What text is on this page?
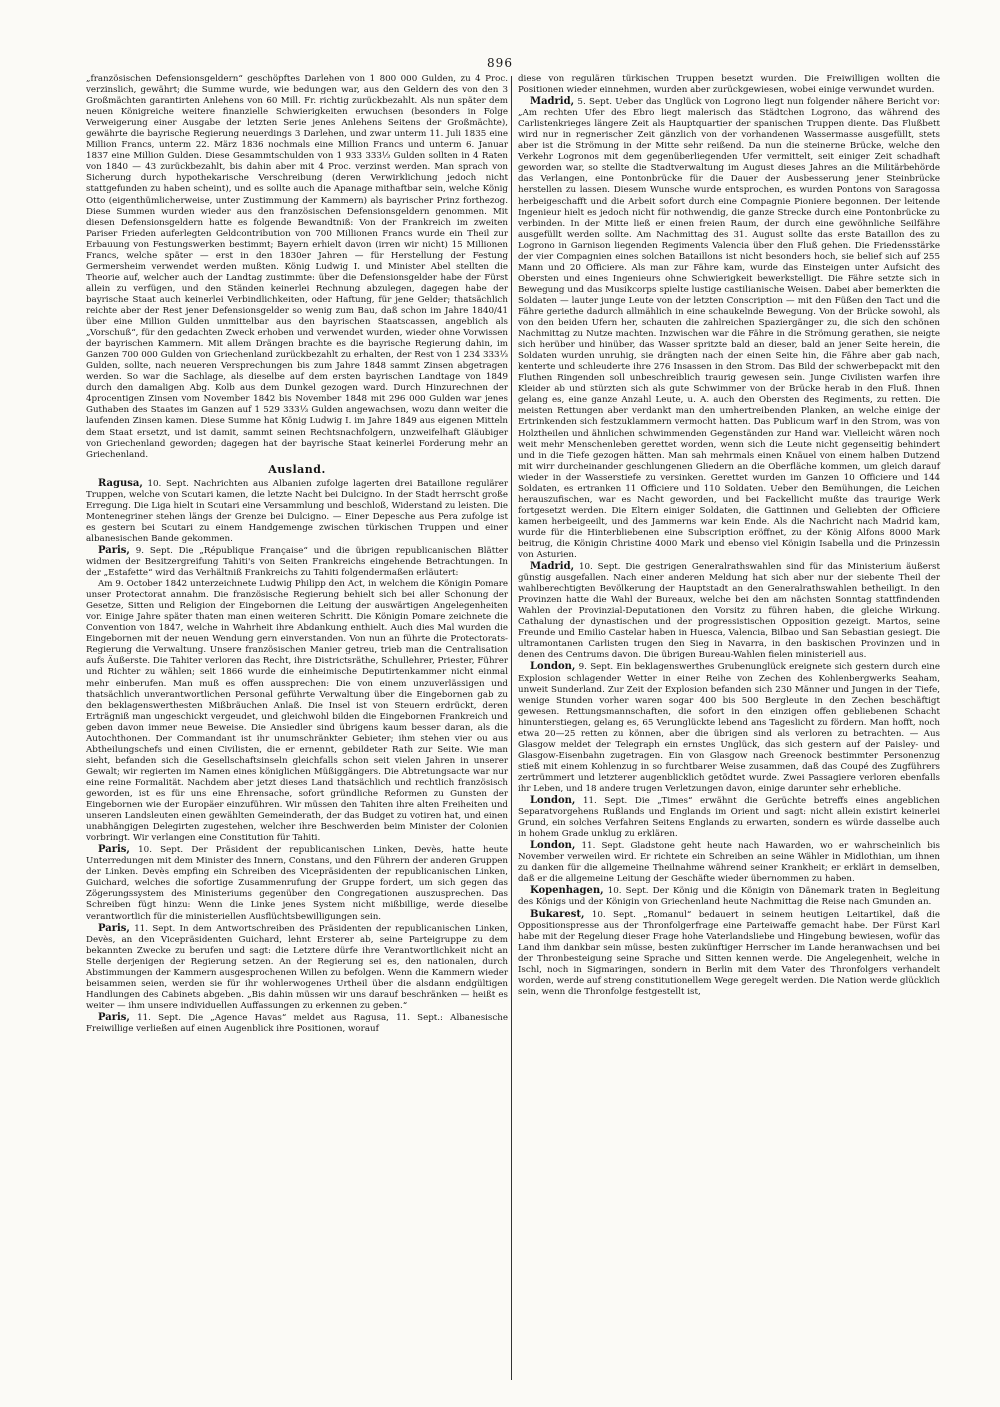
896

„französischen Defensionsgeldern“ geschöpftes Darlehen von 1 800 000 Gulden, zu 4 Proc. verzinslich, gewährt; die Summe wurde, wie bedungen war, aus den Geldern des von den 3 Großmächten garantirten Anlehens von 60 Mill. Fr. richtig zurückbezahlt. Als nun später dem neuen Königreiche weitere finanzielle Schwierigkeiten erwuchsen (besonders in Folge Verweigerung einer Ausgabe der letzten Serie jenes Anlehens Seitens der Großmächte), gewährte die bayrische Regierung neuerdings 3 Darlehen, und zwar unterm 11. Juli 1835 eine Million Francs, unterm 22. März 1836 nochmals eine Million Francs und unterm 6. Januar 1837 eine Million Gulden. Diese Gesammtschulden von 1 933 333⅓ Gulden sollten in 4 Raten von 1840 — 43 zurückbezahlt, bis dahin aber mit 4 Proc. verzinst werden. Man sprach von Sicherung durch hypothekarische Verschreibung (deren Verwirklichung jedoch nicht stattgefunden zu haben scheint), und es sollte auch die Apanage mithaftbar sein, welche König Otto (eigenthümlicherweise, unter Zustimmung der Kammern) als bayrischer Prinz forthezog. Diese Summen wurden wieder aus den französischen Defensionsgeldern genommen. Mit diesen Defensionsgeldern hatte es folgende Bewandtniß: Von der Frankreich im zweiten Pariser Frieden auferlegten Geldcontribution von 700 Millionen Francs wurde ein Theil zur Erbauung von Festungswerken bestimmt; Bayern erhielt davon (irren wir nicht) 15 Millionen Francs, welche später — erst in den 1830er Jahren — für Herstellung der Festung Germersheim verwendet werden mußten. König Ludwig I. und Minister Abel stellten die Theorie auf, welcher auch der Landtag zustimmte: über die Defensionsgelder habe der Fürst allein zu verfügen, und den Ständen keinerlei Rechnung abzulegen, dagegen habe der bayrische Staat auch keinerlei Verbindlichkeiten, oder Haftung, für jene Gelder; thatsächlich reichte aber der Rest jener Defensionsgelder so wenig zum Bau, daß schon im Jahre 1840/41 über eine Million Gulden unmittelbar aus den bayrischen Staatscassen, angeblich als „Vorschuß“, für den gedachten Zweck erhoben und verwendet wurden, wieder ohne Vorwissen der bayrischen Kammern. Mit allem Drängen brachte es die bayrische Regierung dahin, im Ganzen 700 000 Gulden von Griechenland zurückbezahlt zu erhalten, der Rest von 1 234 333⅓ Gulden, sollte, nach neueren Versprechungen bis zum Jahre 1848 sammt Zinsen abgetragen werden. So war die Sachlage, als dieselbe auf dem ersten bayrischen Landtage von 1849 durch den damaligen Abg. Kolb aus dem Dunkel gezogen ward. Durch Hinzurechnen der 4procentigen Zinsen vom November 1842 bis November 1848 mit 296 000 Gulden war jenes Guthaben des Staates im Ganzen auf 1 529 333⅓ Gulden angewachsen, wozu dann weiter die laufenden Zinsen kamen. Diese Summe hat König Ludwig I. im Jahre 1849 aus eigenen Mitteln dem Staat ersetzt, und ist damit, sammt seinen Rechtsnachfolgern, unzweifelhaft Gläubiger von Griechenland geworden; dagegen hat der bayrische Staat keinerlei Forderung mehr an Griechenland.

Ausland.

Ragusa, 10. Sept. Nachrichten aus Albanien zufolge lagerten drei Bataillone regulärer Truppen, welche von Scutari kamen, die letzte Nacht bei Dulcigno. In der Stadt herrscht große Erregung. Die Liga hielt in Scutari eine Versammlung und beschloß, Widerstand zu leisten. Die Montenegriner stehen längs der Grenze bei Dulcigno. — Einer Depesche aus Pera zufolge ist es gestern bei Scutari zu einem Handgemenge zwischen türkischen Truppen und einer albanesischen Bande gekommen.

Paris, 9. Sept. Die „République Française“ und die übrigen republicanischen Blätter widmen der Besitzergreifung Tahiti's von Seiten Frankreichs eingehende Betrachtungen. In der „Estafette“ wird das Verhältniß Frankreichs zu Tahiti folgendermaßen erläutert:

Am 9. October 1842 unterzeichnete Ludwig Philipp den Act, in welchem die Königin Pomare unser Protectorat annahm. Die französische Regierung behielt sich bei aller Schonung der Gesetze, Sitten und Religion der Eingebornen die Leitung der auswärtigen Angelegenheiten vor. Einige Jahre später thaten man einen weiteren Schritt. Die Königin Pomare zeichnete die Convention von 1847, welche in Wahrheit ihre Abdankung enthielt. Auch dies Mal wurden die Eingebornen mit der neuen Wendung gern einverstanden. Von nun an führte die Protectorats-Regierung die Verwaltung. Unsere französischen Manier getreu, trieb man die Centralisation aufs Äußerste. Die Tahiter verloren das Recht, ihre Districtsräthe, Schullehrer, Priester, Führer und Richter zu wählen; seit 1866 wurde die einheimische Deputirtenkammer nicht einmal mehr einberufen. Man muß es offen aussprechen: Die von einem unzuverlässigen und thatsächlich unverantwortlichen Personal geführte Verwaltung über die Eingebornen gab zu den beklagenswerthesten Mißbräuchen Anlaß. Die Insel ist von Steuern erdrückt, deren Erträgniß man ungeschickt vergeudet, und gleichwohl bilden die Eingebornen Frankreich und geben davon immer neue Beweise. Die Ansiedler sind übrigens kaum besser daran, als die Autochthonen. Der Commandant ist ihr unumschränkter Gebieter; ihm stehen vier ou aus Abtheilungschefs und einen Civilisten, die er ernennt, gebildeter Rath zur Seite. Wie man sieht, befanden sich die Gesellschaftsinseln gleichfalls schon seit vielen Jahren in unserer Gewalt; wir regierten im Namen eines königlichen Müßiggängers. Die Abtretungsacte war nur eine reine Formalität. Nachdem aber jetzt dieses Land thatsächlich und rechtlich französisch geworden, ist es für uns eine Ehrensache, sofort gründliche Reformen zu Gunsten der Eingebornen wie der Europäer einzuführen. Wir müssen den Tahiten ihre alten Freiheiten und unseren Landsleuten einen gewählten Gemeinderath, der das Budget zu votiren hat, und einen unabhängigen Delegirten zugestehen, welcher ihre Beschwerden beim Minister der Colonien vorbringt. Wir verlangen eine Constitution für Tahiti.

Paris, 10. Sept. Der Präsident der republicanischen Linken, Devès, hatte heute Unterredungen mit dem Minister des Innern, Constans, und den Führern der anderen Gruppen der Linken. Devès empfing ein Schreiben des Vicepräsidenten der republicanischen Linken, Guichard, welches die sofortige Zusammenrufung der Gruppe fordert, um sich gegen das Zögerungssystem des Ministeriums gegenüber den Congregationen auszusprechen. Das Schreiben fügt hinzu: Wenn die Linke jenes System nicht mißbillige, werde dieselbe verantwortlich für die ministeriellen Ausflüchtsbewilligungen sein.

Paris, 11. Sept. In dem Antwortschreiben des Präsidenten der republicanischen Linken, Devès, an den Vicepräsidenten Guichard, lehnt Ersterer ab, seine Parteigruppe zu dem bekannten Zwecke zu berufen und sagt: die Letztere dürfe ihre Verantwortlichkeit nicht an Stelle derjenigen der Regierung setzen. An der Regierung sei es, den nationalen, durch Abstimmungen der Kammern ausgesprochenen Willen zu befolgen. Wenn die Kammern wieder beisammen seien, werden sie für ihr wohlerwogenes Urtheil über die alsdann endgültigen Handlungen des Cabinets abgeben. „Bis dahin müssen wir uns darauf beschränken — heißt es weiter — ihm unsere individuellen Auffassungen zu erkennen zu geben.“

Paris, 11. Sept. Die „Agence Havas“ meldet aus Ragusa, 11. Sept.: Albanesische Freiwillige verließen auf einen Augenblick ihre Positionen, worauf

diese von regulären türkischen Truppen besetzt wurden. Die Freiwilligen wollten die Positionen wieder einnehmen, wurden aber zurückgewiesen, wobei einige verwundet wurden.

Madrid, 5. Sept. Ueber das Unglück von Logrono liegt nun folgender nähere Bericht vor: „Am rechten Ufer des Ebro liegt malerisch das Städtchen Logrono, das während des Carlistenkrieges längere Zeit als Hauptquartier der spanischen Truppen diente. Das Flußbett wird nur in regnerischer Zeit gänzlich von der vorhandenen Wassermasse ausgefüllt, stets aber ist die Strömung in der Mitte sehr reißend. Da nun die steinerne Brücke, welche den Verkehr Logronos mit dem gegenüberliegenden Ufer vermittelt, seit einiger Zeit schadhaft geworden war, so stellte die Stadtverwaltung im August dieses Jahres an die Militärbehörde das Verlangen, eine Pontonbrücke für die Dauer der Ausbesserung jener Steinbrücke herstellen zu lassen. Diesem Wunsche wurde entsprochen, es wurden Pontons von Saragossa herbeigeschafft und die Arbeit sofort durch eine Compagnie Pioniere begonnen. Der leitende Ingenieur hielt es jedoch nicht für nothwendig, die ganze Strecke durch eine Pontonbrücke zu verbinden. In der Mitte ließ er einen freien Raum, der durch eine gewöhnliche Seilfähre ausgefüllt werden sollte. Am Nachmittag des 31. August sollte das erste Bataillon des zu Logrono in Garnison liegenden Regiments Valencia über den Fluß gehen. Die Friedensstärke der vier Compagnien eines solchen Bataillons ist nicht besonders hoch, sie belief sich auf 255 Mann und 20 Officiere. Als man zur Fähre kam, wurde das Einsteigen unter Aufsicht des Obersten und eines Ingenieurs ohne Schwierigkeit bewerkstelligt. Die Fähre setzte sich in Bewegung und das Musikcorps spielte lustige castilianische Weisen. Dabei aber bemerkten die Soldaten — lauter junge Leute von der letzten Conscription — mit den Füßen den Tact und die Fähre geriethe dadurch allmählich in eine schaukelnde Bewegung. Von der Brücke sowohl, als von den beiden Ufern her, schauten die zahlreichen Spaziergänger zu, die sich den schönen Nachmittag zu Nutze machten. Inzwischen war die Fähre in die Strömung gerathen, sie neigte sich herüber und hinüber, das Wasser spritzte bald an dieser, bald an jener Seite herein, die Soldaten wurden unruhig, sie drängten nach der einen Seite hin, die Fähre aber gab nach, kenterte und schleuderte ihre 276 Insassen in den Strom. Das Bild der schwerbepackt mit den Fluthen Ringenden soll unbeschreiblich traurig gewesen sein. Junge Civilisten warfen ihre Kleider ab und stürzten sich als gute Schwimmer von der Brücke herab in den Fluß. Ihnen gelang es, eine ganze Anzahl Leute, u. A. auch den Obersten des Regiments, zu retten. Die meisten Rettungen aber verdankt man den umhertreibenden Planken, an welche einige der Ertrinkenden sich festzuklammern vermocht hatten. Das Publicum warf in den Strom, was von Holztheilen und ähnlichen schwimmenden Gegenständen zur Hand war. Vielleicht wären noch weit mehr Menschenleben gerettet worden, wenn sich die Leute nicht gegenseitig behindert und in die Tiefe gezogen hätten. Man sah mehrmals einen Knäuel von einem halben Dutzend mit wirr durcheinander geschlungenen Gliedern an die Oberfläche kommen, um gleich darauf wieder in der Wasserstiefe zu versinken. Gerettet wurden im Ganzen 10 Officiere und 144 Soldaten, es ertranken 11 Officiere und 110 Soldaten. Ueber den Bemühungen, die Leichen herauszufischen, war es Nacht geworden, und bei Fackellicht mußte das traurige Werk fortgesetzt werden. Die Eltern einiger Soldaten, die Gattinnen und Geliebten der Officiere kamen herbeigeeilt, und des Jammerns war kein Ende. Als die Nachricht nach Madrid kam, wurde für die Hinterbliebenen eine Subscription eröffnet, zu der König Alfons 8000 Mark beitrug, die Königin Christine 4000 Mark und ebenso viel Königin Isabella und die Prinzessin von Asturien.

Madrid, 10. Sept. Die gestrigen Generalrathswahlen sind für das Ministerium äußerst günstig ausgefallen. Nach einer anderen Meldung hat sich aber nur der siebente Theil der wahlberechtigten Bevölkerung der Hauptstadt an den Generalrathswahlen betheiligt. In den Provinzen hatte die Wahl der Bureaux, welche bei den am nächsten Sonntag stattfindenden Wahlen der Provinzial-Deputationen den Vorsitz zu führen haben, die gleiche Wirkung. Cathalung der dynastischen und der progressistischen Opposition gezeigt. Martos, seine Freunde und Emilio Castelar haben in Huesca, Valencia, Bilbao und San Sebastian gesiegt. Die ultramontanen Carlisten trugen den Sieg in Navarra, in den baskischen Provinzen und in denen des Centrums davon. Die übrigen Bureau-Wahlen fielen ministeriell aus.

London, 9. Sept. Ein beklagenswerthes Grubenunglück ereignete sich gestern durch eine Explosion schlagender Wetter in einer Reihe von Zechen des Kohlenbergwerks Seaham, unweit Sunderland. Zur Zeit der Explosion befanden sich 230 Männer und Jungen in der Tiefe, wenige Stunden vorher waren sogar 400 bis 500 Bergleute in den Zechen beschäftigt gewesen. Rettungsmannschaften, die sofort in den einzigen offen gebliebenen Schacht hinunterstiegen, gelang es, 65 Verunglückte lebend ans Tageslicht zu fördern. Man hofft, noch etwa 20—25 retten zu können, aber die übrigen sind als verloren zu betrachten. — Aus Glasgow meldet der Telegraph ein ernstes Unglück, das sich gestern auf der Paisley- und Glasgow-Eisenbahn zugetragen. Ein von Glasgow nach Greenock bestimmter Personenzug stieß mit einem Kohlenzug in so furchtbarer Weise zusammen, daß das Coupé des Zugführers zertrümmert und letzterer augenblicklich getödtet wurde. Zwei Passagiere verloren ebenfalls ihr Leben, und 18 andere trugen Verletzungen davon, einige darunter sehr erhebliche.

London, 11. Sept. Die „Times“ erwähnt die Gerüchte betreffs eines angeblichen Separatvorgehens Rußlands und Englands im Orient und sagt: nicht allein existirt keinerlei Grund, ein solches Verfahren Seitens Englands zu erwarten, sondern es würde dasselbe auch in hohem Grade unklug zu erklären.

London, 11. Sept. Gladstone geht heute nach Hawarden, wo er wahrscheinlich bis November verweilen wird. Er richtete ein Schreiben an seine Wähler in Midlothian, um ihnen zu danken für die allgemeine Theilnahme während seiner Krankheit; er erklärt in demselben, daß er die allgemeine Leitung der Geschäfte wieder übernommen zu haben.

Kopenhagen, 10. Sept. Der König und die Königin von Dänemark traten in Begleitung des Königs und der Königin von Griechenland heute Nachmittag die Reise nach Gmunden an.

Bukarest, 10. Sept. „Romanul“ bedauert in seinem heutigen Leitartikel, daß die Oppositionspresse aus der Thronfolgerfrage eine Parteiwaffe gemacht habe. Der Fürst Karl habe mit der Regelung dieser Frage hohe Vaterlandsliebe und Hingebung bewiesen, wofür das Land ihm dankbar sein müsse, besten zukünftiger Herrscher im Lande heranwachsen und bei der Thronbesteigung seine Sprache und Sitten kennen werde. Die Angelegenheit, welche in Ischl, noch in Sigmaringen, sondern in Berlin mit dem Vater des Thronfolgers verhandelt worden, werde auf streng constitutionellem Wege geregelt werden. Die Nation werde glücklich sein, wenn die Thronfolge festgestellt ist,
